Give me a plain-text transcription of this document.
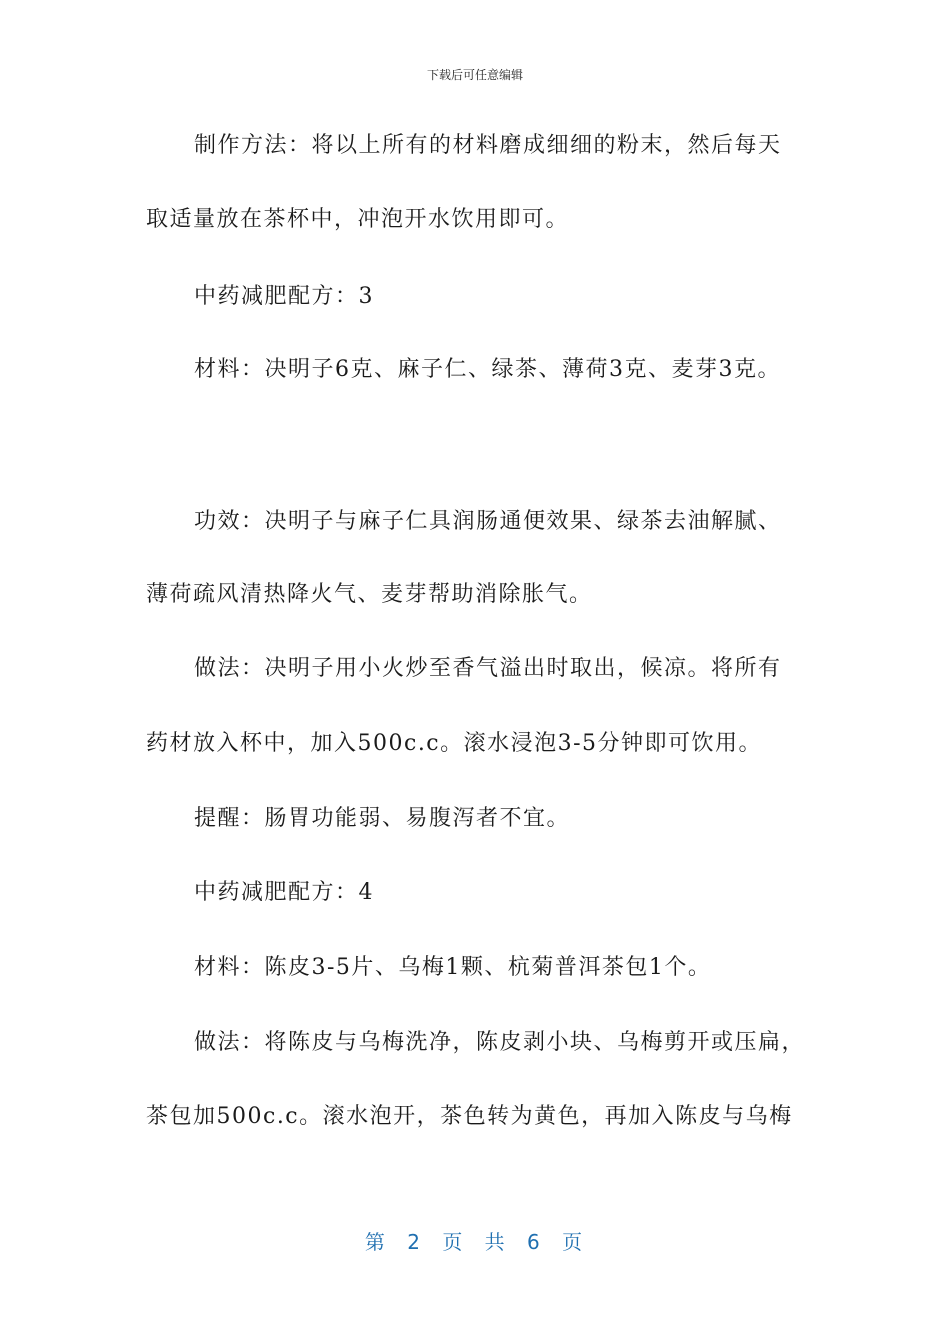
下载后可任意编辑
制作方法：将以上所有的材料磨成细细的粉末，然后每天
取适量放在茶杯中，冲泡开水饮用即可。
中药减肥配方：3
材料：决明子6克、麻子仁、绿茶、薄荷3克、麦芽3克。
功效：决明子与麻子仁具润肠通便效果、绿茶去油解腻、
薄荷疏风清热降火气、麦芽帮助消除胀气。
做法：决明子用小火炒至香气溢出时取出，候凉。将所有
药材放入杯中，加入500c.c。滚水浸泡3-5分钟即可饮用。
提醒：肠胃功能弱、易腹泻者不宜。
中药减肥配方：4
材料：陈皮3-5片、乌梅1颗、杭菊普洱茶包1个。
做法：将陈皮与乌梅洗净，陈皮剥小块、乌梅剪开或压扁，
茶包加500c.c。滚水泡开，茶色转为黄色，再加入陈皮与乌梅
第 2 页 共 6 页
